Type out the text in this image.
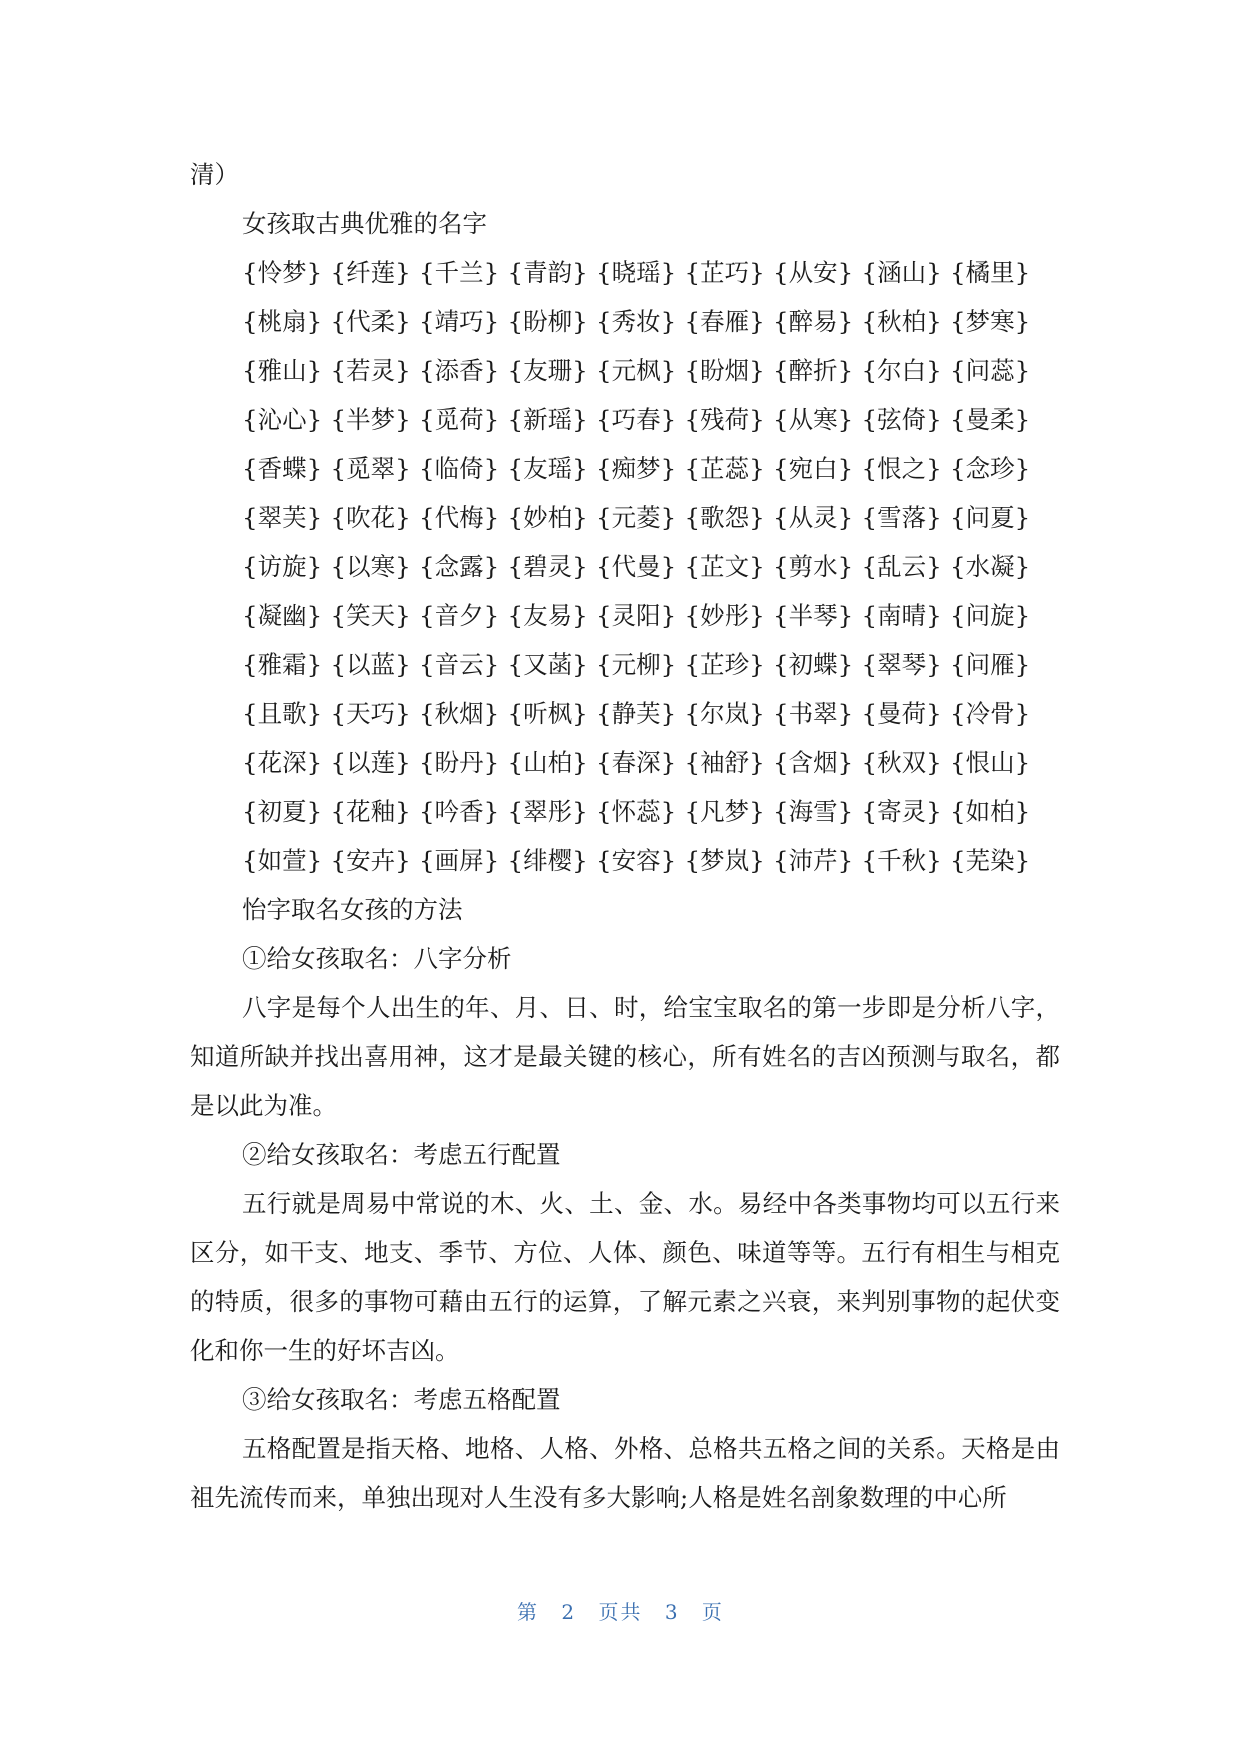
清）
女孩取古典优雅的名字
{怜梦} {纤莲} {千兰} {青韵} {晓瑶} {芷巧} {从安} {涵山} {橘里}
{桃扇} {代柔} {靖巧} {盼柳} {秀妆} {春雁} {醉易} {秋柏} {梦寒}
{雅山} {若灵} {添香} {友珊} {元枫} {盼烟} {醉折} {尔白} {问蕊}
{沁心} {半梦} {觅荷} {新瑶} {巧春} {残荷} {从寒} {弦倚} {曼柔}
{香蝶} {觅翠} {临倚} {友瑶} {痴梦} {芷蕊} {宛白} {恨之} {念珍}
{翠芙} {吹花} {代梅} {妙柏} {元菱} {歌怨} {从灵} {雪落} {问夏}
{访旋} {以寒} {念露} {碧灵} {代曼} {芷文} {剪水} {乱云} {水凝}
{凝幽} {笑天} {音夕} {友易} {灵阳} {妙彤} {半琴} {南晴} {问旋}
{雅霜} {以蓝} {音云} {又菡} {元柳} {芷珍} {初蝶} {翠琴} {问雁}
{且歌} {天巧} {秋烟} {听枫} {静芙} {尔岚} {书翠} {曼荷} {冷骨}
{花深} {以莲} {盼丹} {山柏} {春深} {袖舒} {含烟} {秋双} {恨山}
{初夏} {花釉} {吟香} {翠彤} {怀蕊} {凡梦} {海雪} {寄灵} {如柏}
{如萱} {安卉} {画屏} {绯樱} {安容} {梦岚} {沛芹} {千秋} {芜染}
怡字取名女孩的方法
①给女孩取名：八字分析

八字是每个人出生的年、月、日、时，给宝宝取名的第一步即是分析八字，知道所缺并找出喜用神，这才是最关键的核心，所有姓名的吉凶预测与取名，都是以此为准。

②给女孩取名：考虑五行配置

五行就是周易中常说的木、火、土、金、水。易经中各类事物均可以五行来区分，如干支、地支、季节、方位、人体、颜色、味道等等。五行有相生与相克的特质，很多的事物可藉由五行的运算，了解元素之兴衰，来判别事物的起伏变化和你一生的好坏吉凶。

③给女孩取名：考虑五格配置

五格配置是指天格、地格、人格、外格、总格共五格之间的关系。天格是由祖先流传而来，单独出现对人生没有多大影响;人格是姓名剖象数理的中心所

第 2 页共 3 页
